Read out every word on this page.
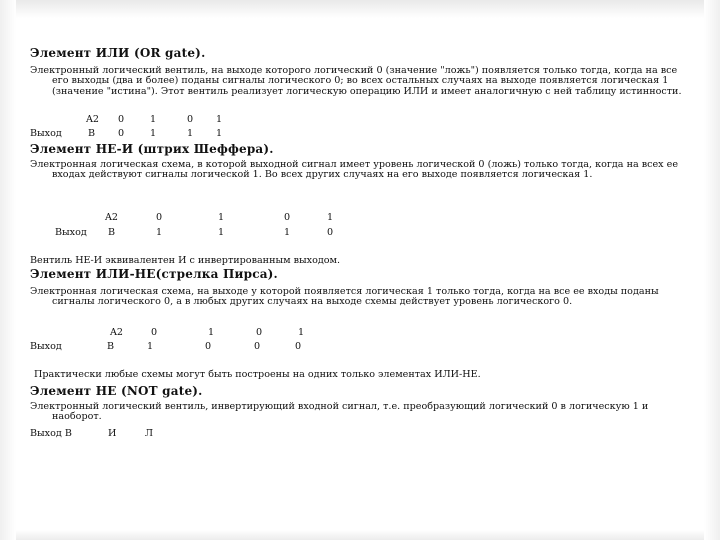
Элемент ИЛИ (OR gate).
Электронный логический вентиль, на выходе которого логический 0 (значение "ложь") появляется только тогда, когда на все его выходы (два и более) поданы сигналы логического 0; во всех остальных случаях на выходе появляется логическая 1 (значение "истина"). Этот вентиль реализует логическую операцию ИЛИ и имеет аналогичную с ней таблицу истинности.
A2 0	1	0 1
Выход	B 0	1	1 1
Элемент НЕ-И (штрих Шеффера).
Электронная логическая схема, в которой выходной сигнал имеет уровень логической 0 (ложь) только тогда, когда на всех ее входах действуют сигналы логической 1. Во всех других случаях на его выходе появляется логическая 1.
A2	0	1	0	1
Выход B	1	1	1	0
Вентиль НЕ-И эквивалентен И с инвертированным выходом.
Элемент ИЛИ-НЕ(стрелка Пирса).
Электронная логическая схема, на выходе у которой появляется логическая 1 только тогда, когда на все ее входы поданы сигналы логического 0, а в любых других случаях на выходе схемы действует уровень логического 0.
A2	0	1	0	1
Выход	B	1	0	0	0
Практически любые схемы могут быть построены на одних только элементах ИЛИ-НЕ.
Элемент НЕ (NOT gate).
Электронный логический вентиль, инвертирующий входной сигнал, т.е. преобразующий логический 0 в логическую 1 и наоборот.
Выход B	И	Л
